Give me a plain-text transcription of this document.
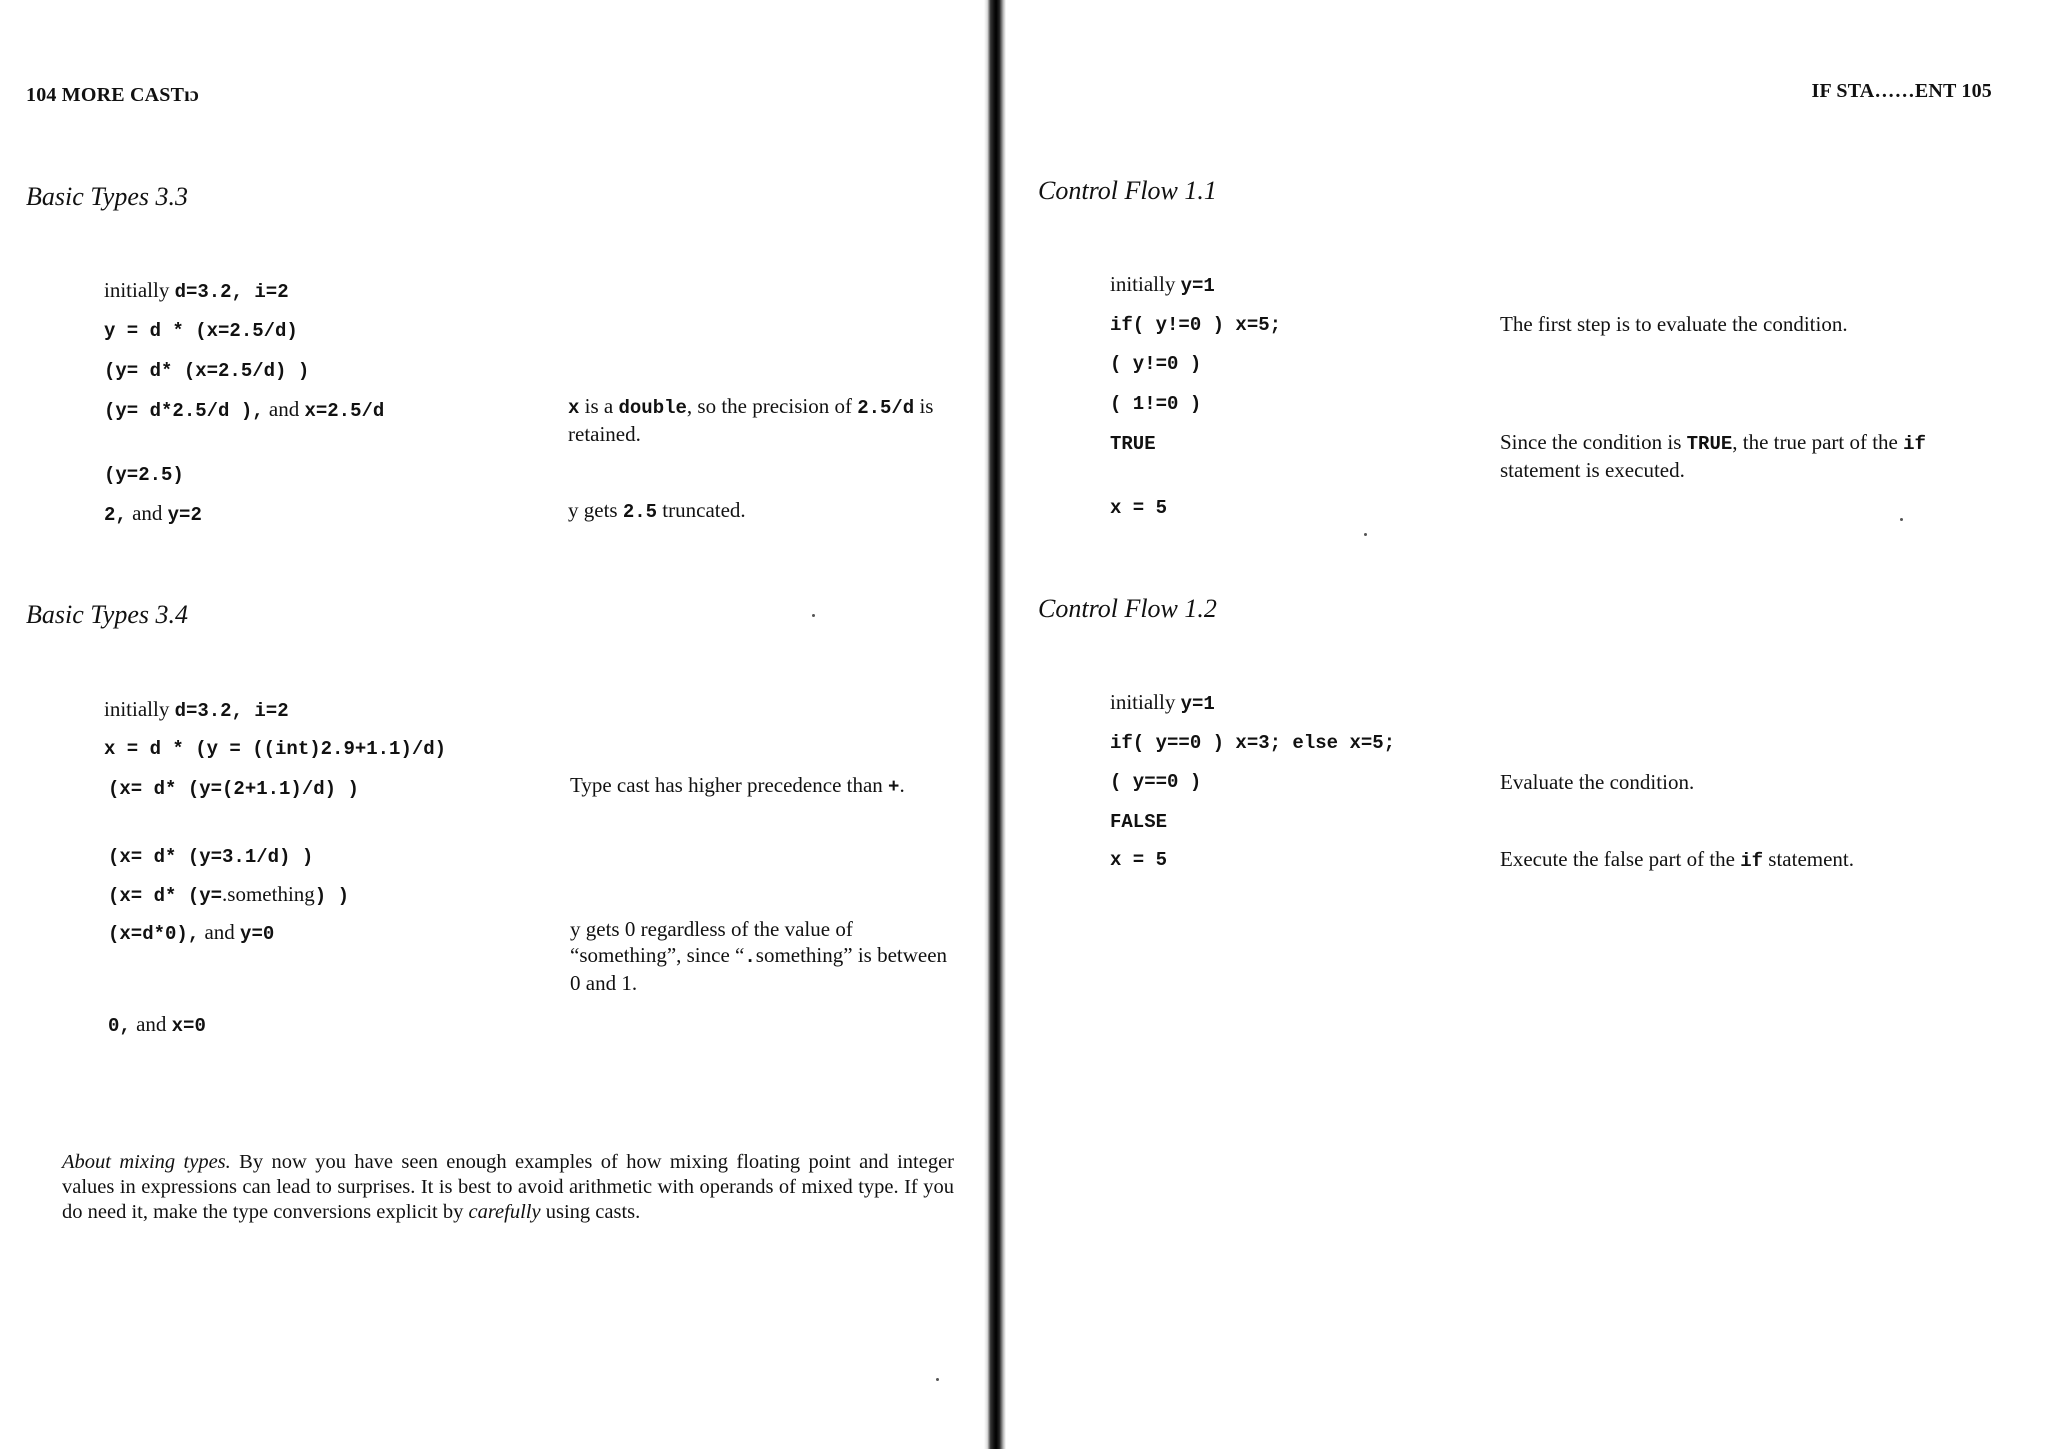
104 MORE CASTıɔ
Basic Types 3.3
initially d=3.2, i=2
y = d * (x=2.5/d)
(y= d* (x=2.5/d) )
(y= d*2.5/d ), and x=2.5/d
(y=2.5)
2, and y=2
x is a double, so the precision of 2.5/d is retained.
y gets 2.5 truncated.
Basic Types 3.4
initially d=3.2, i=2
x = d * (y = ((int)2.9+1.1)/d)
(x= d* (y=(2+1.1)/d) )
(x= d* (y=3.1/d) )
(x= d* (y=.something) )
(x=d*0), and y=0
0, and x=0
Type cast has higher precedence than +.
y gets 0 regardless of the value of “something”, since “.something” is between 0 and 1.
About mixing types. By now you have seen enough examples of how mixing floating point and integer values in expressions can lead to surprises. It is best to avoid arithmetic with operands of mixed type. If you do need it, make the type conversions explicit by carefully using casts.
IF STA……ENT 105
Control Flow 1.1
initially y=1
if( y!=0 ) x=5;
( y!=0 )
( 1!=0 )
TRUE
x = 5
The first step is to evaluate the condition.
Since the condition is TRUE, the true part of the if statement is executed.
Control Flow 1.2
initially y=1
if( y==0 ) x=3; else x=5;
( y==0 )
FALSE
x = 5
Evaluate the condition.
Execute the false part of the if statement.
